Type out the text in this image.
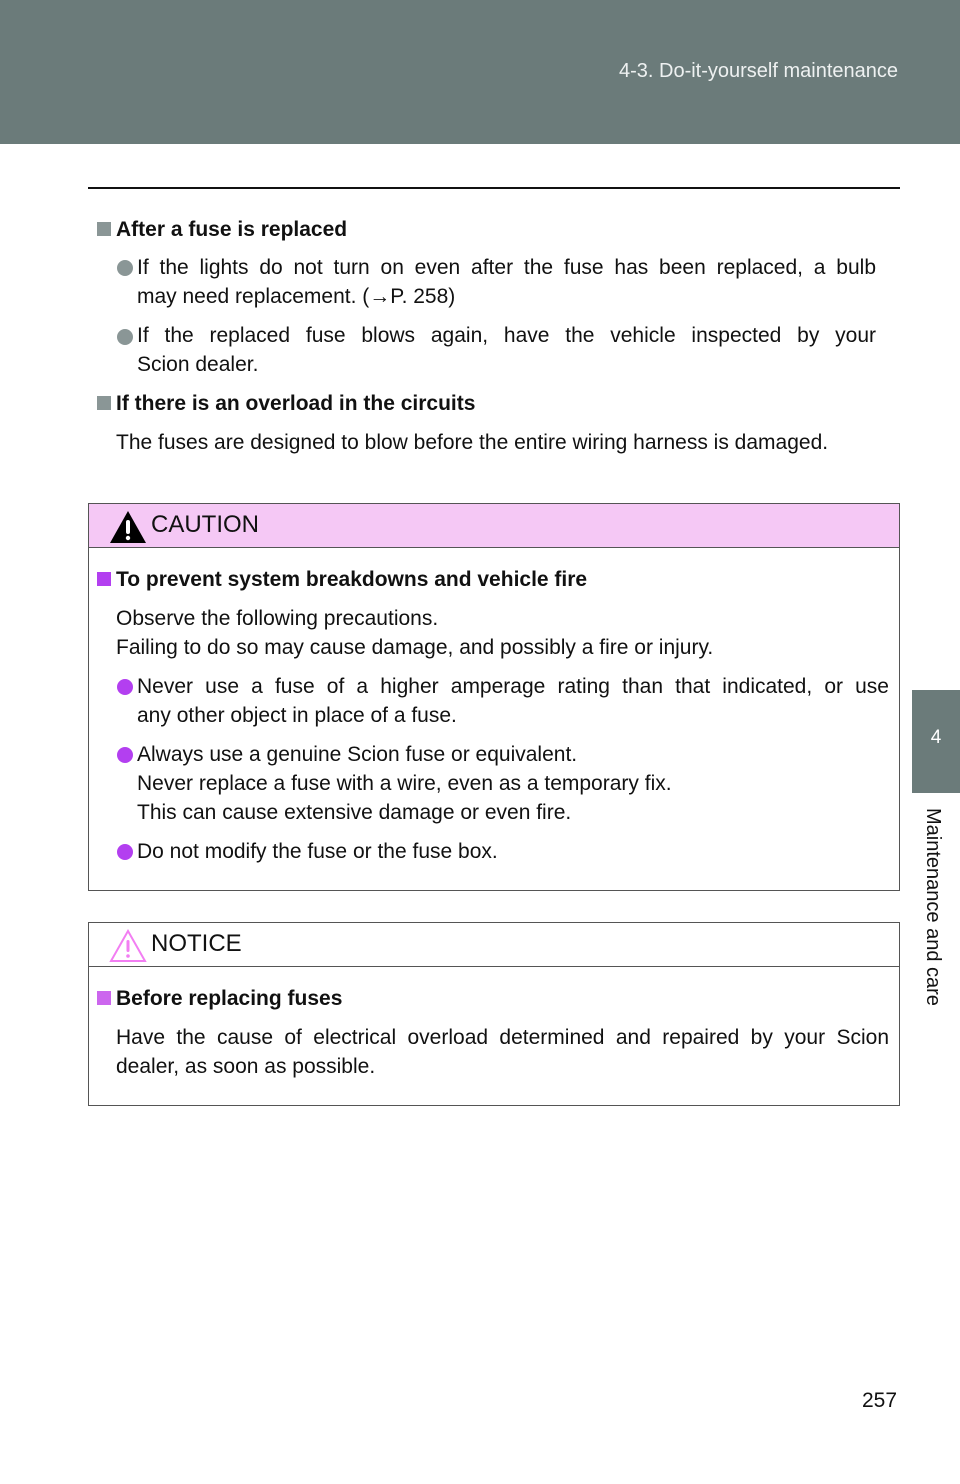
4-3. Do-it-yourself maintenance
After a fuse is replaced
If the lights do not turn on even after the fuse has been replaced, a bulb
may need replacement. (→P. 258)
If the replaced fuse blows again, have the vehicle inspected by your
Scion dealer.
If there is an overload in the circuits
The fuses are designed to blow before the entire wiring harness is damaged.
CAUTION
To prevent system breakdowns and vehicle fire
Observe the following precautions.
Failing to do so may cause damage, and possibly a fire or injury.
Never use a fuse of a higher amperage rating than that indicated, or use
any other object in place of a fuse.
Always use a genuine Scion fuse or equivalent.
Never replace a fuse with a wire, even as a temporary fix.
This can cause extensive damage or even fire.
Do not modify the fuse or the fuse box.
NOTICE
Before replacing fuses
Have the cause of electrical overload determined and repaired by your Scion
dealer, as soon as possible.
4
Maintenance and care
257
